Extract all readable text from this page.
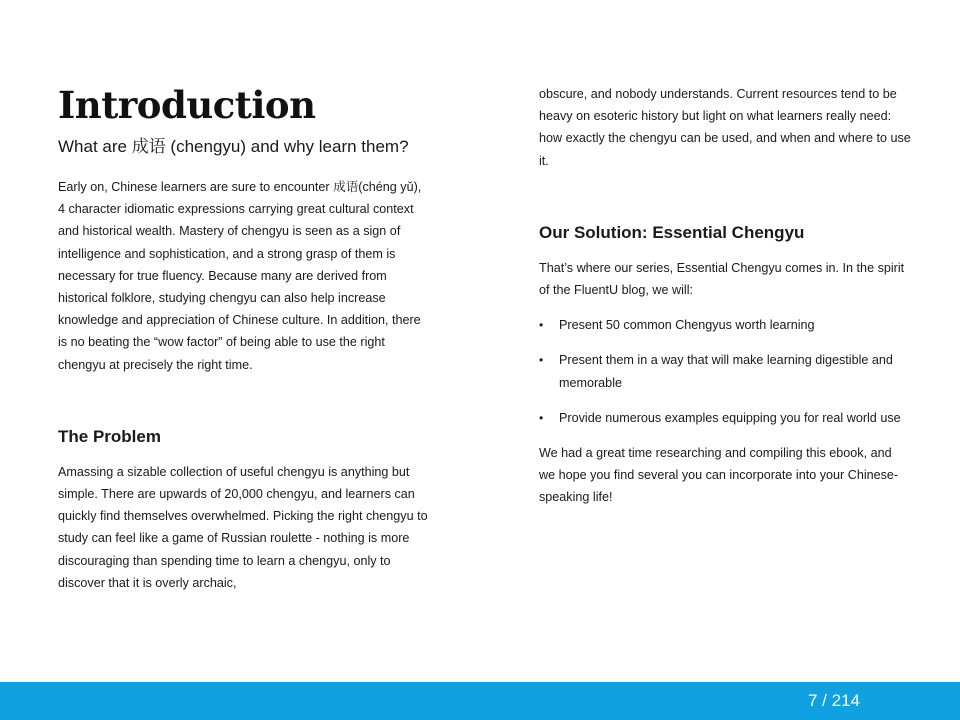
Introduction

What are 成语 (chengyu) and why learn them?

Early on, Chinese learners are sure to encounter 成语(chéng yǔ), 4 character idiomatic expressions carrying great cultural context and historical wealth. Mastery of chengyu is seen as a sign of intelligence and sophistication, and a strong grasp of them is necessary for true fluency. Because many are derived from historical folklore, studying chengyu can also help increase knowledge and appreciation of Chinese culture. In addition, there is no beating the “wow factor” of being able to use the right chengyu at precisely the right time.

The Problem

Amassing a sizable collection of useful chengyu is anything but simple. There are upwards of 20,000 chengyu, and learners can quickly find themselves overwhelmed. Picking the right chengyu to study can feel like a game of Russian roulette - nothing is more discouraging than spending time to learn a chengyu, only to discover that it is overly archaic,

obscure, and nobody understands. Current resources tend to be heavy on esoteric history but light on what learners really need: how exactly the chengyu can be used, and when and where to use it.

Our Solution: Essential Chengyu

That’s where our series, Essential Chengyu comes in. In the spirit of the FluentU blog, we will:

• Present 50 common Chengyus worth learning
• Present them in a way that will make learning digestible and memorable
• Provide numerous examples equipping you for real world use

We had a great time researching and compiling this ebook, and we hope you find several you can incorporate into your Chinese-speaking life!

7 / 214
